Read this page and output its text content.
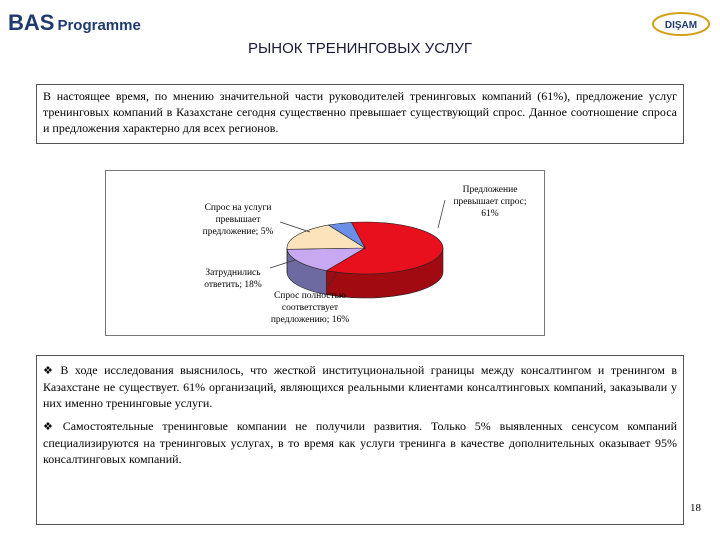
BAS Programme	DIŞAM
РЫНОК ТРЕНИНГОВЫХ УСЛУГ
В настоящее время, по мнению значительной части руководителей тренинговых компаний (61%), предложение услуг тренинговых компаний в Казахстане сегодня существенно превышает существующий спрос. Данное соотношение спроса и предложения характерно для всех регионов.
Предложение превышает спрос; 61%
Спрос полностью соответствует предложению; 16%
Затруднились ответить; 18%
Спрос на услуги превышает предложение; 5%

❖ В ходе исследования выяснилось, что жесткой институциональной границы между консалтингом и тренингом в Казахстане не существует. 61% организаций, являющихся реальными клиентами консалтинговых компаний, заказывали у них именно тренинговые услуги.

❖ Самостоятельные тренинговые компании не получили развития. Только 5% выявленных сенсусом компаний специализируются на тренинговых услугах, в то время как услуги тренинга в качестве дополнительных оказывает 95% консалтинговых компаний.

18
